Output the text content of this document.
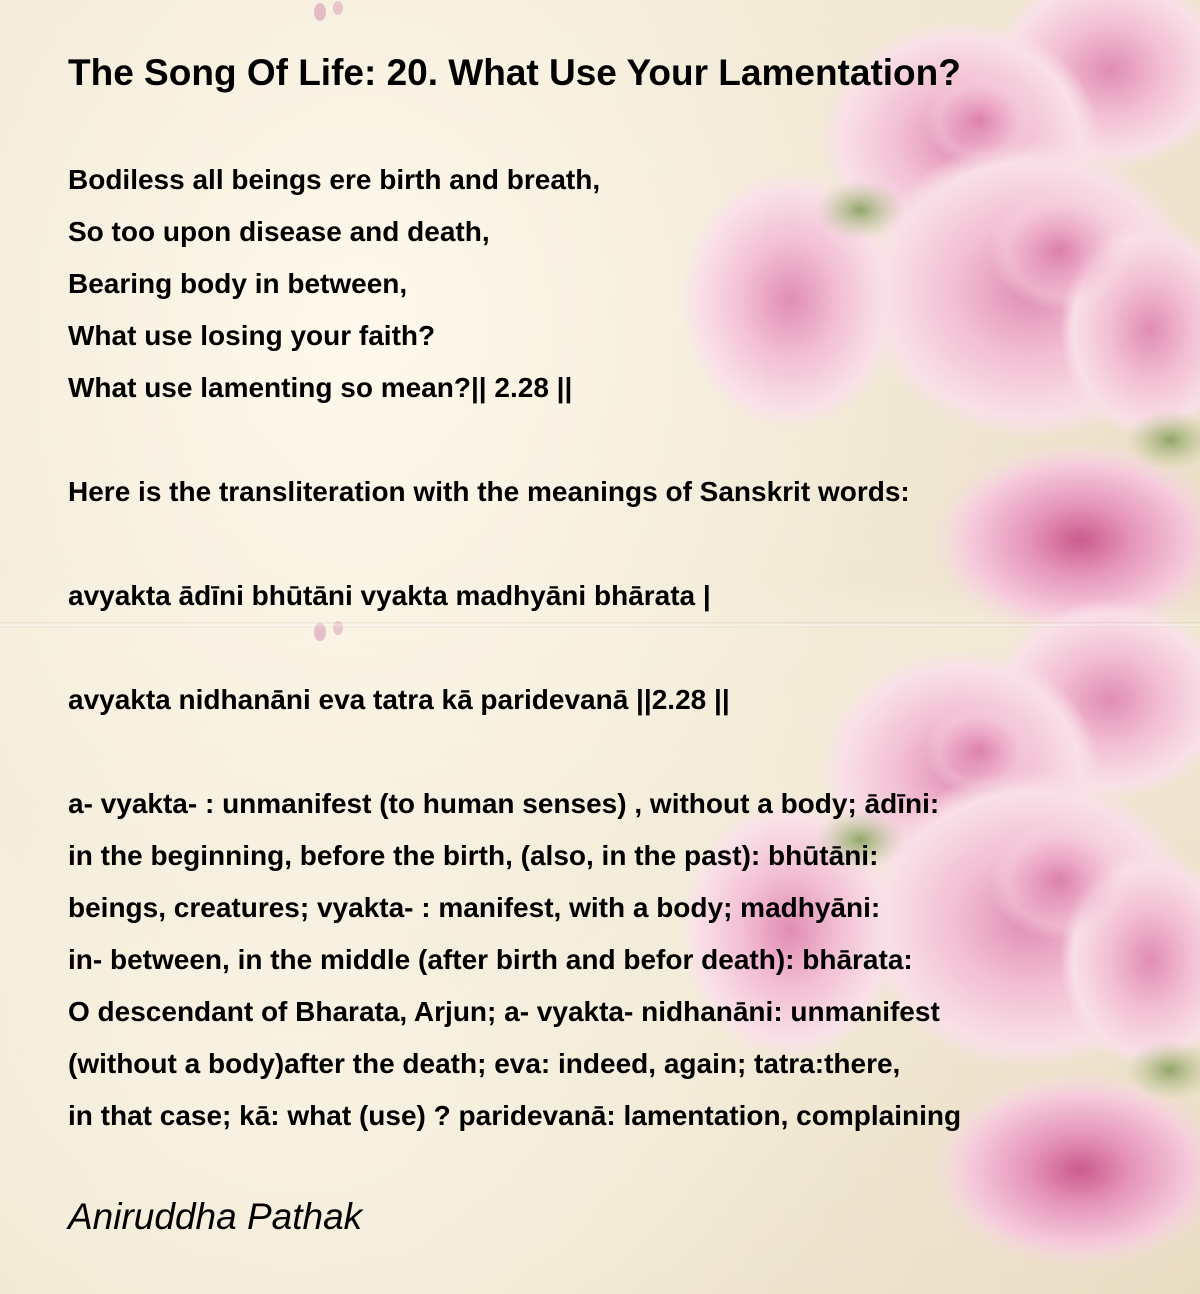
The Song Of Life: 20. What Use Your Lamentation?
Bodiless all beings ere birth and breath,
So too upon disease and death,
Bearing body in between,
What use losing your faith?
What use lamenting so mean?|| 2.28 ||
Here is the transliteration with the meanings of Sanskrit words:
avyakta ādīni bhūtāni vyakta madhyāni bhārata |
avyakta nidhanāni eva tatra kā paridevanā ||2.28 ||
a- vyakta- : unmanifest (to human senses) , without a body; ādīni:
in the beginning, before the birth, (also, in the past): bhūtāni:
beings, creatures; vyakta- : manifest, with a body; madhyāni:
in- between, in the middle (after birth and befor death): bhārata:
O descendant of Bharata, Arjun; a- vyakta- nidhanāni: unmanifest
(without a body)after the death; eva: indeed, again; tatra:there,
in that case; kā: what (use) ? paridevanā: lamentation, complaining
Aniruddha Pathak
